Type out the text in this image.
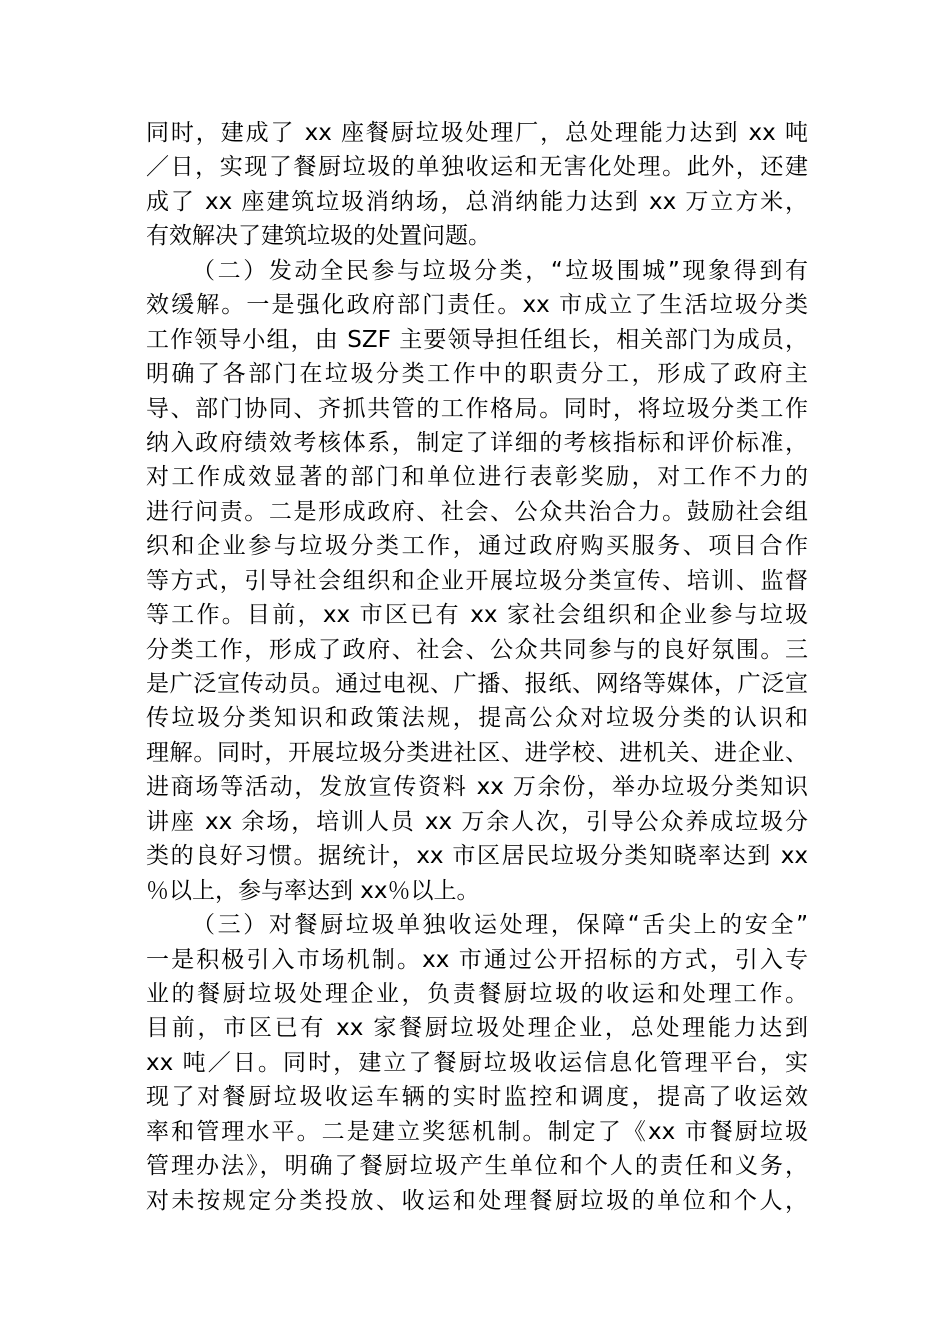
同时，建成了 xx 座餐厨垃圾处理厂，总处理能力达到 xx 吨
／日，实现了餐厨垃圾的单独收运和无害化处理。此外，还建
成了 xx 座建筑垃圾消纳场，总消纳能力达到 xx 万立方米，
有效解决了建筑垃圾的处置问题。
（二）发动全民参与垃圾分类，“垃圾围城”现象得到有
效缓解。一是强化政府部门责任。xx 市成立了生活垃圾分类
工作领导小组，由 SZF 主要领导担任组长，相关部门为成员，
明确了各部门在垃圾分类工作中的职责分工，形成了政府主
导、部门协同、齐抓共管的工作格局。同时，将垃圾分类工作
纳入政府绩效考核体系，制定了详细的考核指标和评价标准，
对工作成效显著的部门和单位进行表彰奖励，对工作不力的
进行问责。二是形成政府、社会、公众共治合力。鼓励社会组
织和企业参与垃圾分类工作，通过政府购买服务、项目合作
等方式，引导社会组织和企业开展垃圾分类宣传、培训、监督
等工作。目前，xx 市区已有 xx 家社会组织和企业参与垃圾
分类工作，形成了政府、社会、公众共同参与的良好氛围。三
是广泛宣传动员。通过电视、广播、报纸、网络等媒体，广泛宣
传垃圾分类知识和政策法规，提高公众对垃圾分类的认识和
理解。同时，开展垃圾分类进社区、进学校、进机关、进企业、
进商场等活动，发放宣传资料 xx 万余份，举办垃圾分类知识
讲座 xx 余场，培训人员 xx 万余人次，引导公众养成垃圾分
类的良好习惯。据统计，xx 市区居民垃圾分类知晓率达到 xx
％以上，参与率达到 xx％以上。
（三）对餐厨垃圾单独收运处理，保障“舌尖上的安全”
一是积极引入市场机制。xx 市通过公开招标的方式，引入专
业的餐厨垃圾处理企业，负责餐厨垃圾的收运和处理工作。
目前，市区已有 xx 家餐厨垃圾处理企业，总处理能力达到
xx 吨／日。同时，建立了餐厨垃圾收运信息化管理平台，实
现了对餐厨垃圾收运车辆的实时监控和调度，提高了收运效
率和管理水平。二是建立奖惩机制。制定了《xx 市餐厨垃圾
管理办法》，明确了餐厨垃圾产生单位和个人的责任和义务，
对未按规定分类投放、收运和处理餐厨垃圾的单位和个人，
